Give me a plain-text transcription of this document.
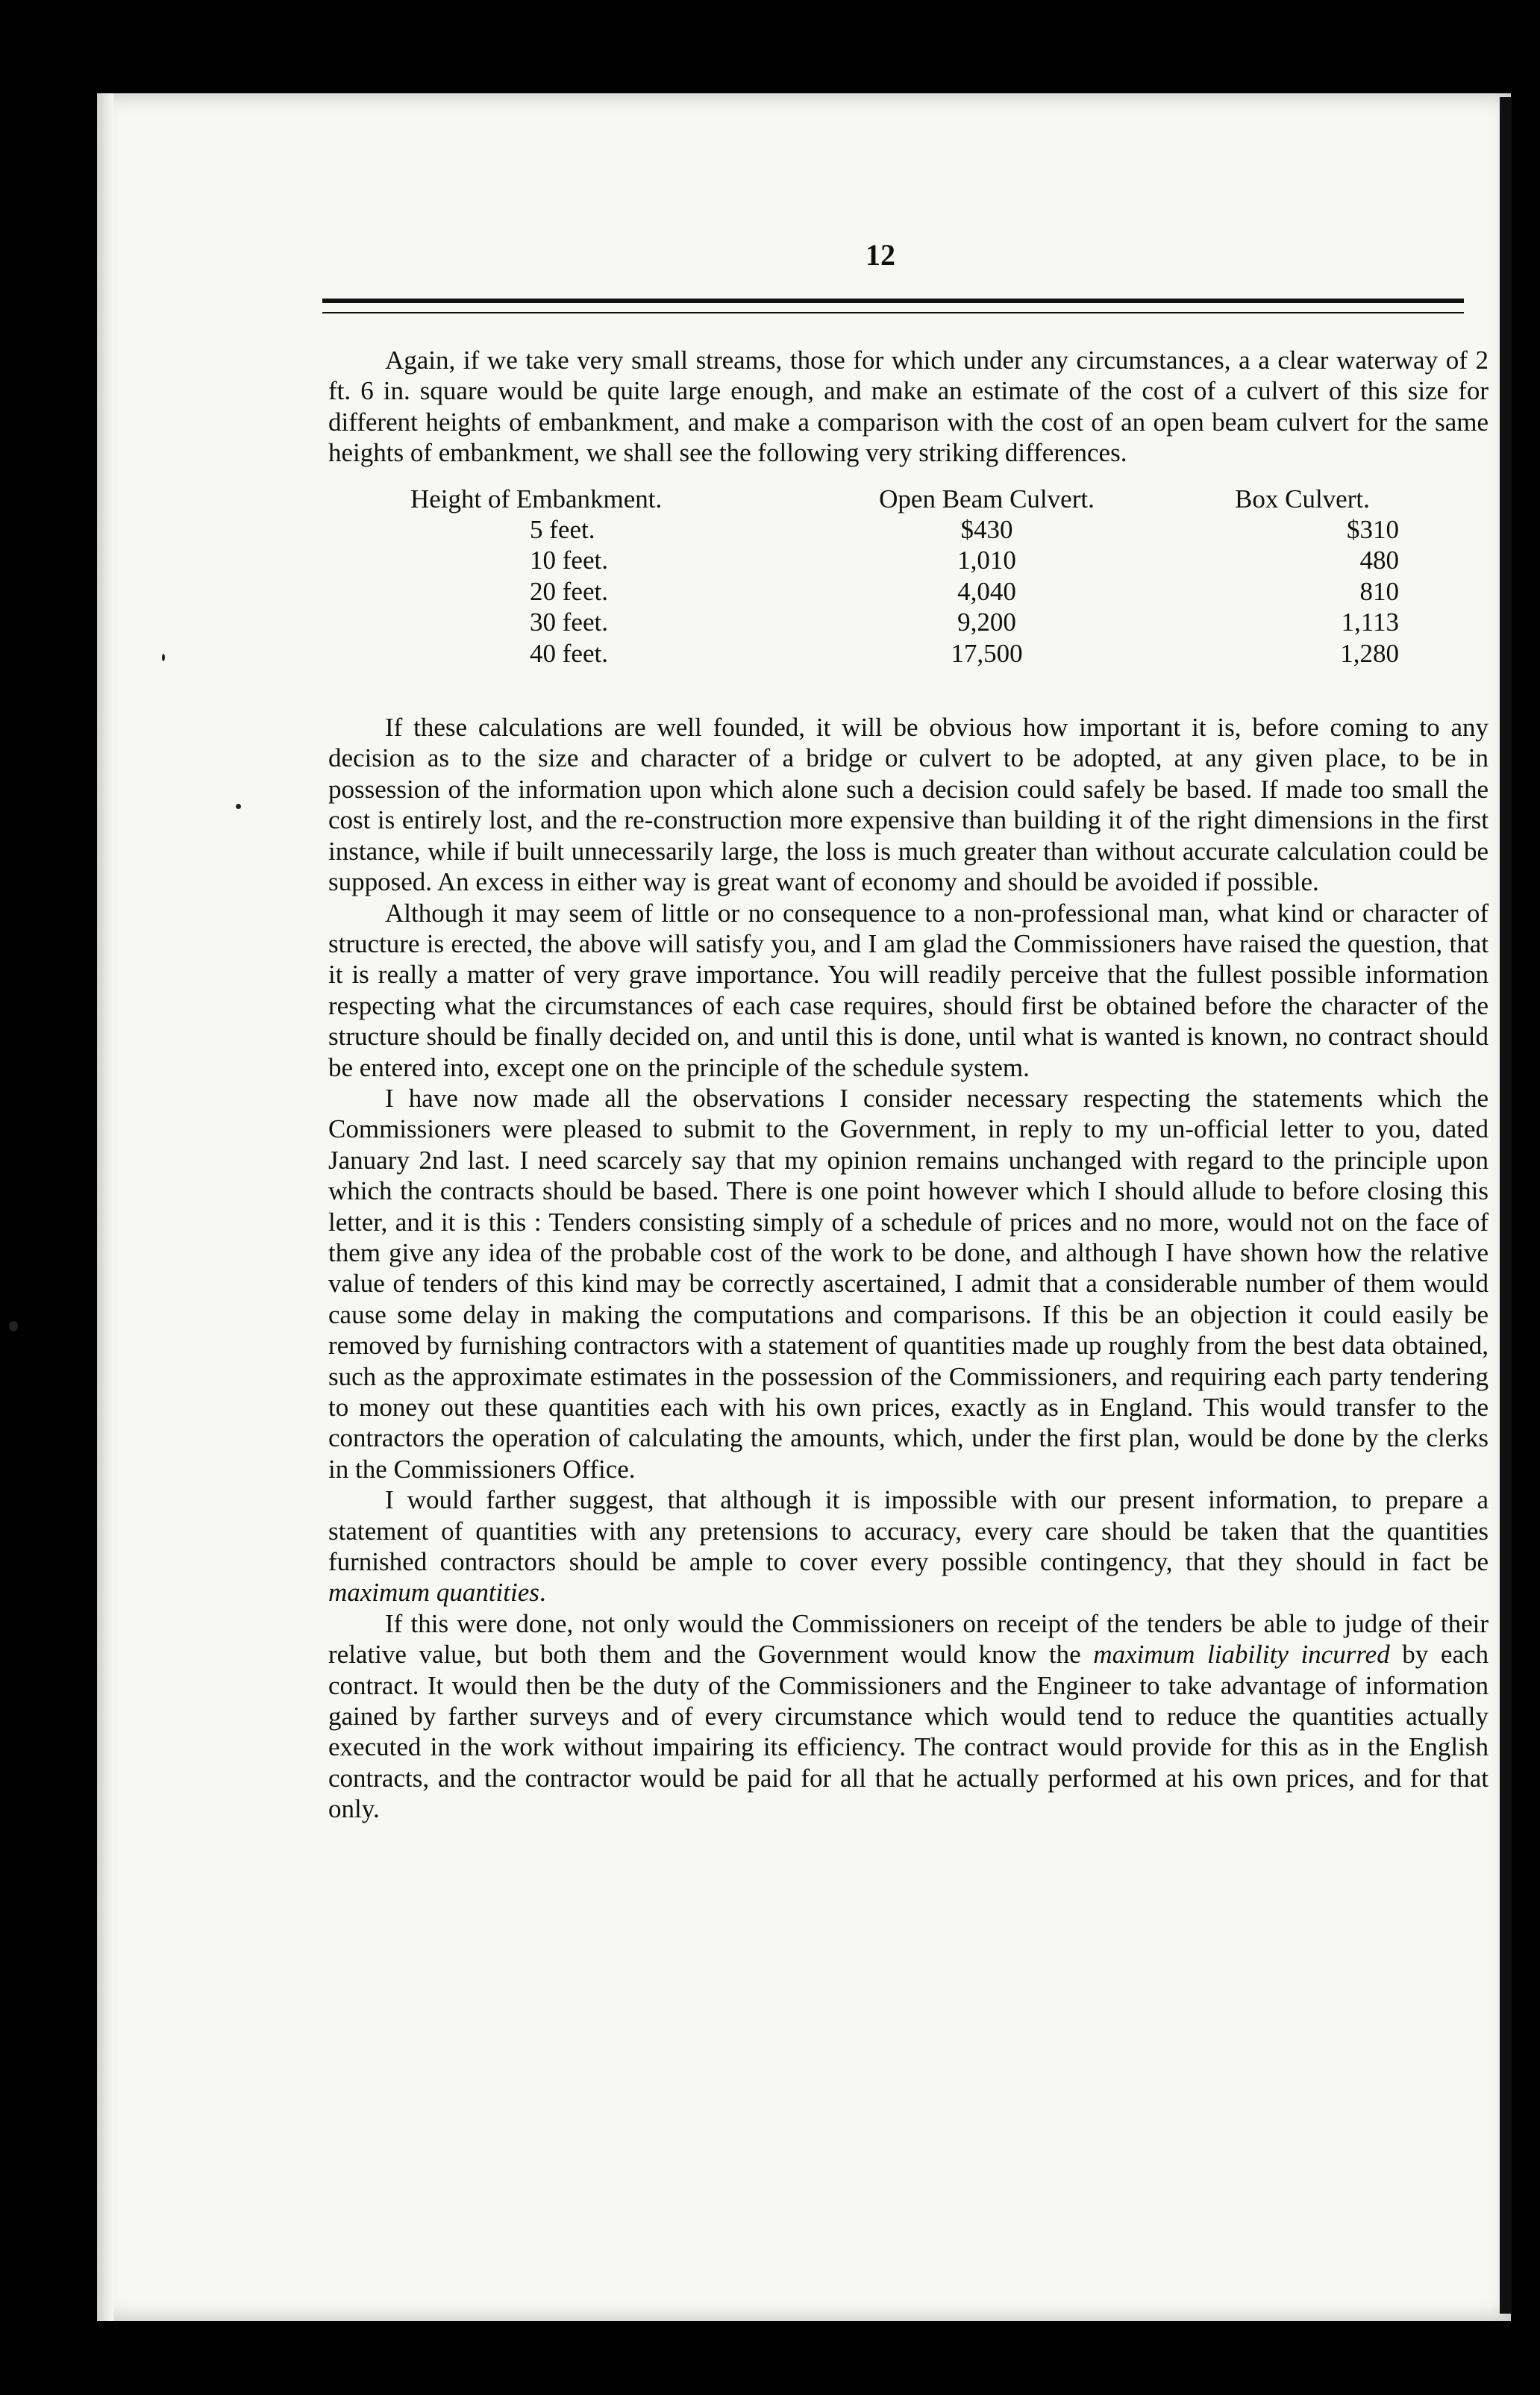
12

Again, if we take very small streams, those for which under any circumstances, a a clear waterway of 2 ft. 6 in. square would be quite large enough, and make an estimate of the cost of a culvert of this size for different heights of embankment, and make a comparison with the cost of an open beam culvert for the same heights of embankment, we shall see the following very striking differences.

Height of Embankment.	Open Beam Culvert.	Box Culvert.
5 feet.	$430	$310
10 feet.	1,010	480
20 feet.	4,040	810
30 feet.	9,200	1,113
40 feet.	17,500	1,280

If these calculations are well founded, it will be obvious how important it is, before coming to any decision as to the size and character of a bridge or culvert to be adopted, at any given place, to be in possession of the information upon which alone such a decision could safely be based. If made too small the cost is entirely lost, and the re-construction more expensive than building it of the right dimensions in the first instance, while if built unnecessarily large, the loss is much greater than without accurate calculation could be supposed. An excess in either way is great want of economy and should be avoided if possible.

Although it may seem of little or no consequence to a non-professional man, what kind or character of structure is erected, the above will satisfy you, and I am glad the Commissioners have raised the question, that it is really a matter of very grave importance. You will readily perceive that the fullest possible information respecting what the circumstances of each case requires, should first be obtained before the character of the structure should be finally decided on, and until this is done, until what is wanted is known, no contract should be entered into, except one on the principle of the schedule system.

I have now made all the observations I consider necessary respecting the statements which the Commissioners were pleased to submit to the Government, in reply to my un-official letter to you, dated January 2nd last. I need scarcely say that my opinion remains unchanged with regard to the principle upon which the contracts should be based. There is one point however which I should allude to before closing this letter, and it is this : Tenders consisting simply of a schedule of prices and no more, would not on the face of them give any idea of the probable cost of the work to be done, and although I have shown how the relative value of tenders of this kind may be correctly ascertained, I admit that a considerable number of them would cause some delay in making the computations and comparisons. If this be an objection it could easily be removed by furnishing contractors with a statement of quantities made up roughly from the best data obtained, such as the approximate estimates in the possession of the Commissioners, and requiring each party tendering to money out these quantities each with his own prices, exactly as in England. This would transfer to the contractors the operation of calculating the amounts, which, under the first plan, would be done by the clerks in the Commissioners Office.

I would farther suggest, that although it is impossible with our present information, to prepare a statement of quantities with any pretensions to accuracy, every care should be taken that the quantities furnished contractors should be ample to cover every possible contingency, that they should in fact be maximum quantities.

If this were done, not only would the Commissioners on receipt of the tenders be able to judge of their relative value, but both them and the Government would know the maximum liability incurred by each contract. It would then be the duty of the Commissioners and the Engineer to take advantage of information gained by farther surveys and of every circumstance which would tend to reduce the quantities actually executed in the work without impairing its efficiency. The contract would provide for this as in the English contracts, and the contractor would be paid for all that he actually performed at his own prices, and for that only.
